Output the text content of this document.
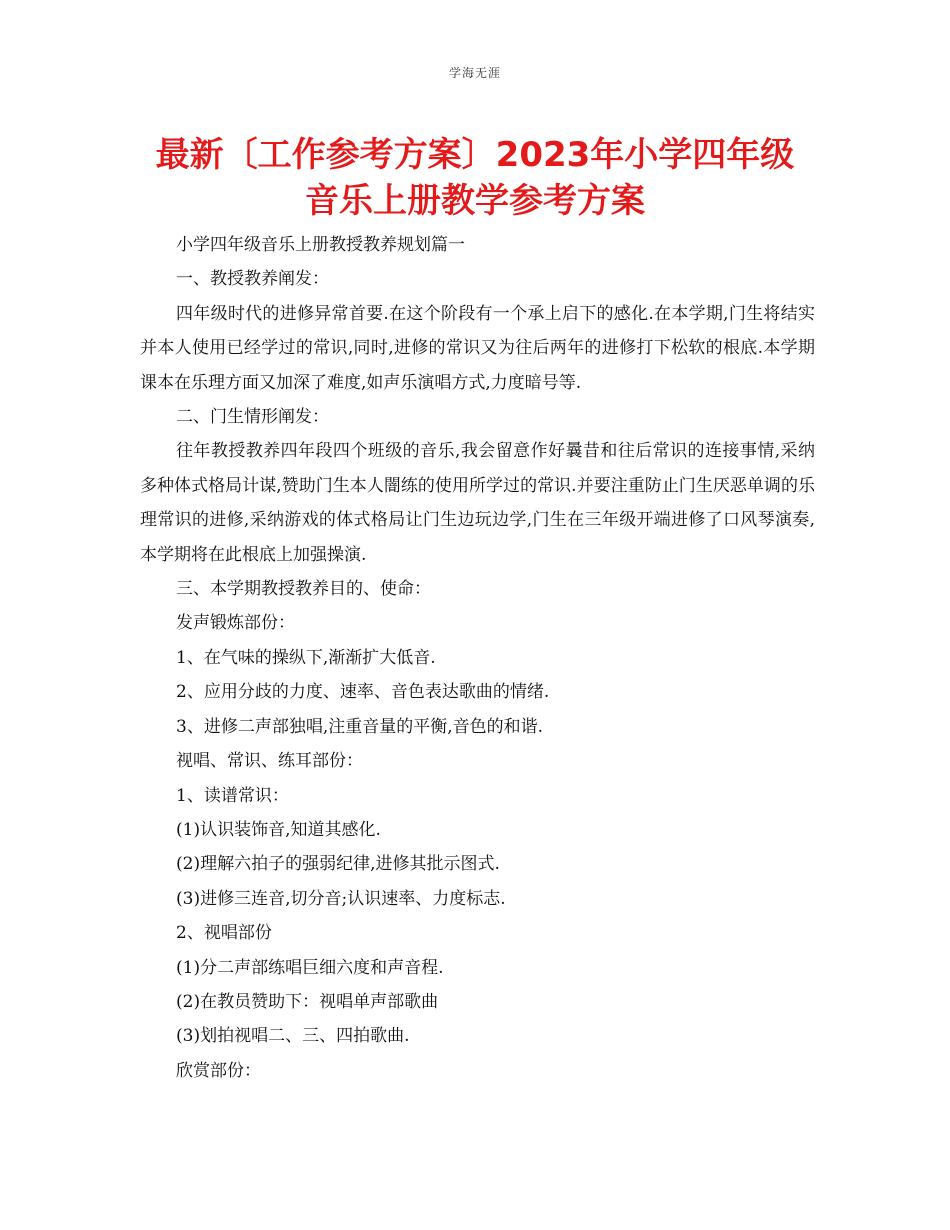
学海无涯
最新〔工作参考方案〕2023年小学四年级
音乐上册教学参考方案

小学四年级音乐上册教授教养规划篇一

一、教授教养阐发：

四年级时代的进修异常首要.在这个阶段有一个承上启下的感化.在本学期,门生将结实并本人使用已经学过的常识,同时,进修的常识又为往后两年的进修打下松软的根底.本学期课本在乐理方面又加深了难度,如声乐演唱方式,力度暗号等.

二、门生情形阐发：

往年教授教养四年段四个班级的音乐,我会留意作好曩昔和往后常识的连接事情,采纳多种体式格局计谋,赞助门生本人闇练的使用所学过的常识.并要注重防止门生厌恶单调的乐理常识的进修,采纳游戏的体式格局让门生边玩边学,门生在三年级开端进修了口风琴演奏,本学期将在此根底上加强操演.

三、本学期教授教养目的、使命：

发声锻炼部份：

1、在气味的操纵下,渐渐扩大低音.

2、应用分歧的力度、速率、音色表达歌曲的情绪.

3、进修二声部独唱,注重音量的平衡,音色的和谐.

视唱、常识、练耳部份：

1、读谱常识：

(1)认识装饰音,知道其感化.

(2)理解六拍子的强弱纪律,进修其批示图式.

(3)进修三连音,切分音;认识速率、力度标志.

2、视唱部份

(1)分二声部练唱巨细六度和声音程.

(2)在教员赞助下：视唱单声部歌曲

(3)划拍视唱二、三、四拍歌曲.

欣赏部份：
